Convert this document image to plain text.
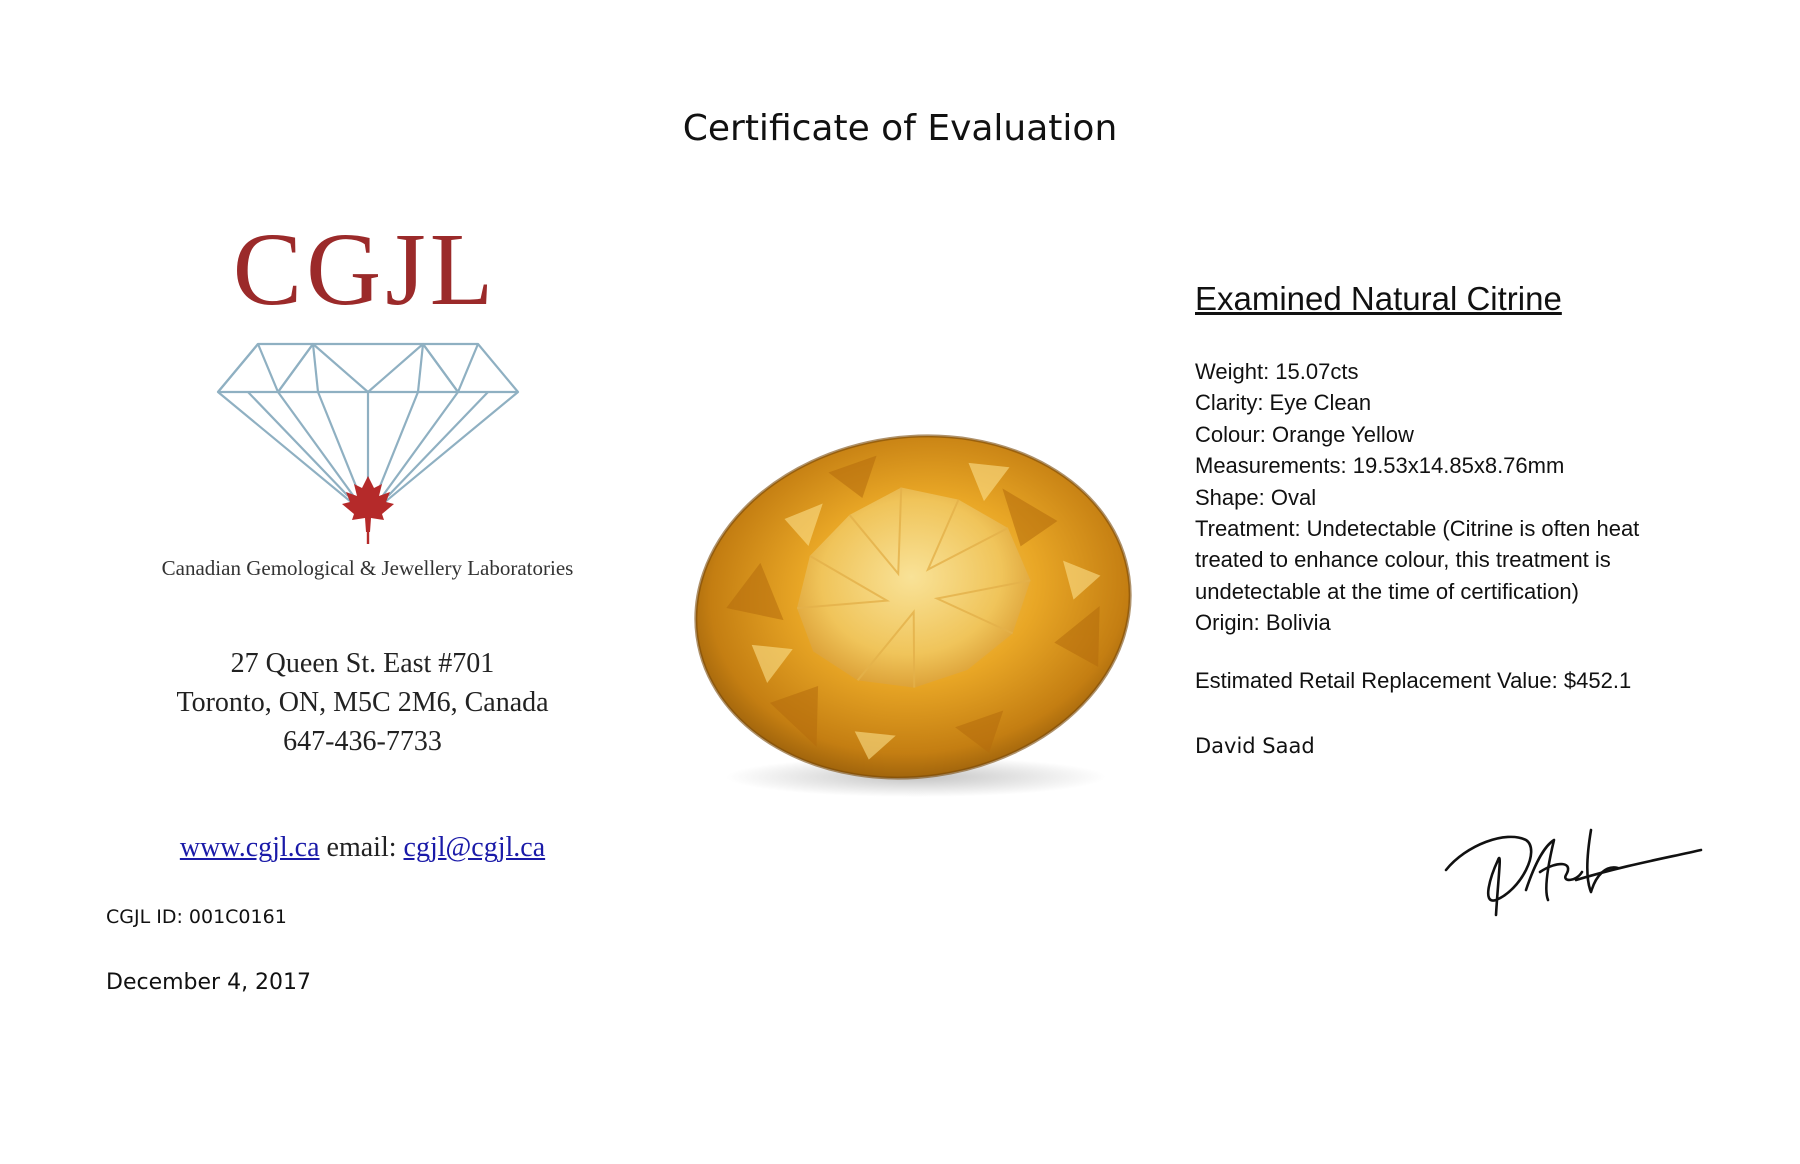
Certificate of Evaluation
CGJL
Canadian Gemological & Jewellery Laboratories
27 Queen St. East #701
Toronto, ON, M5C 2M6, Canada
647-436-7733
www.cgjl.ca email: cgjl@cgjl.ca
CGJL ID: 001C0161
December 4, 2017
Examined Natural Citrine
Weight: 15.07cts
Clarity: Eye Clean
Colour: Orange Yellow
Measurements: 19.53x14.85x8.76mm
Shape: Oval
Treatment: Undetectable (Citrine is often heat
treated to enhance colour, this treatment is
undetectable at the time of certification)
Origin: Bolivia
Estimated Retail Replacement Value: $452.1
David Saad
